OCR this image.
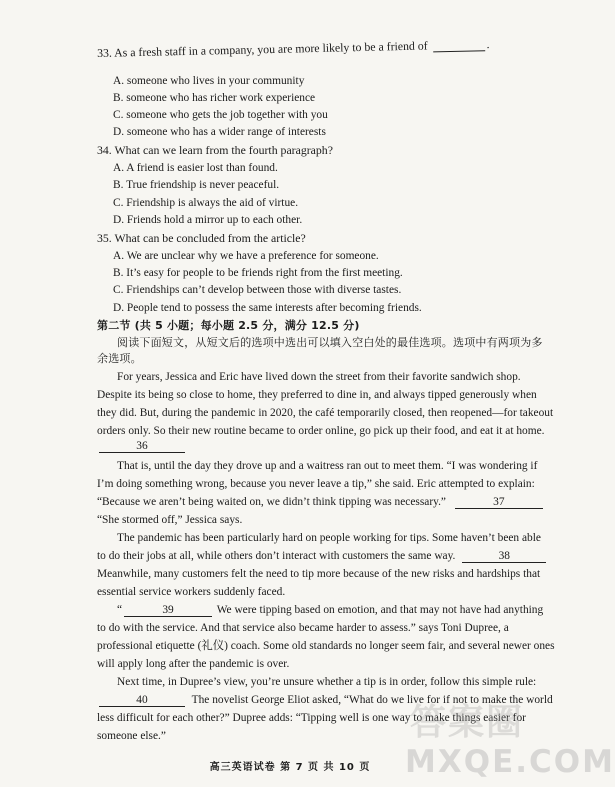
33. As a fresh staff in a company, you are more likely to be a friend of	.
A. someone who lives in your community
B. someone who has richer work experience
C. someone who gets the job together with you
D. someone who has a wider range of interests
34. What can we learn from the fourth paragraph?
A. A friend is easier lost than found.
B. True friendship is never peaceful.
C. Friendship is always the aid of virtue.
D. Friends hold a mirror up to each other.
35. What can be concluded from the article?
A. We are unclear why we have a preference for someone.
B. It’s easy for people to be friends right from the first meeting.
C. Friendships can’t develop between those with diverse tastes.
D. People tend to possess the same interests after becoming friends.
第二节 (共 5 小题；每小题 2.5 分，满分 12.5 分)
阅读下面短文，从短文后的选项中选出可以填入空白处的最佳选项。选项中有两项为多
余选项。
For years, Jessica and Eric have lived down the street from their favorite sandwich shop.
Despite its being so close to home, they preferred to dine in, and always tipped generously when
they did. But, during the pandemic in 2020, the café temporarily closed, then reopened—for takeout
orders only. So their new routine became to order online, go pick up their food, and eat it at home.
36
That is, until the day they drove up and a waitress ran out to meet them. “I was wondering if
I’m doing something wrong, because you never leave a tip,” she said. Eric attempted to explain:
“Because we aren’t being waited on, we didn’t think tipping was necessary.”	37
“She stormed off,” Jessica says.
The pandemic has been particularly hard on people working for tips. Some haven’t been able
to do their jobs at all, while others don’t interact with customers the same way.	38
Meanwhile, many customers felt the need to tip more because of the new risks and hardships that
essential service workers suddenly faced.
“	39	We were tipping based on emotion, and that may not have had anything
to do with the service. And that service also became harder to assess.” says Toni Dupree, a
professional etiquette (礼仪) coach. Some old standards no longer seem fair, and several newer ones
will apply long after the pandemic is over.
Next time, in Dupree’s view, you’re unsure whether a tip is in order, follow this simple rule:
40	The novelist George Eliot asked, “What do we live for if not to make the world
less difficult for each other?” Dupree adds: “Tipping well is one way to make things easier for
someone else.”
高三英语试卷 第 7 页 共 10 页
答案圈
MXQE.COM
